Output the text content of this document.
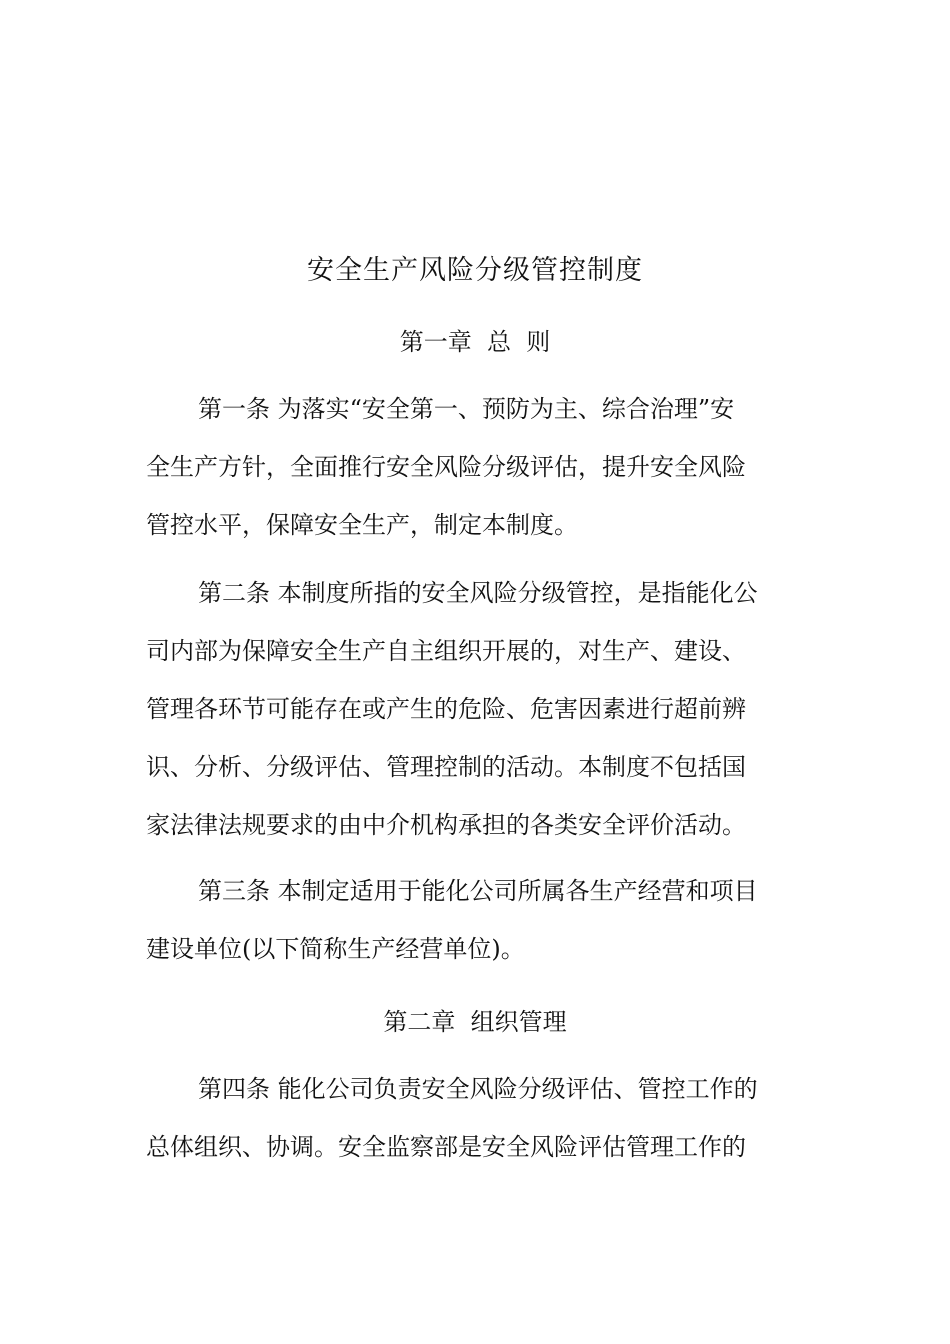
安全生产风险分级管控制度
第一章  总  则

第一条 为落实“安全第一、预防为主、综合治理”安
全生产方针，全面推行安全风险分级评估，提升安全风险
管控水平，保障安全生产，制定本制度。

第二条 本制度所指的安全风险分级管控，是指能化公
司内部为保障安全生产自主组织开展的，对生产、建设、
管理各环节可能存在或产生的危险、危害因素进行超前辨
识、分析、分级评估、管理控制的活动。本制度不包括国
家法律法规要求的由中介机构承担的各类安全评价活动。

第三条 本制定适用于能化公司所属各生产经营和项目
建设单位(以下简称生产经营单位)。

第二章  组织管理

第四条 能化公司负责安全风险分级评估、管控工作的
总体组织、协调。安全监察部是安全风险评估管理工作的
